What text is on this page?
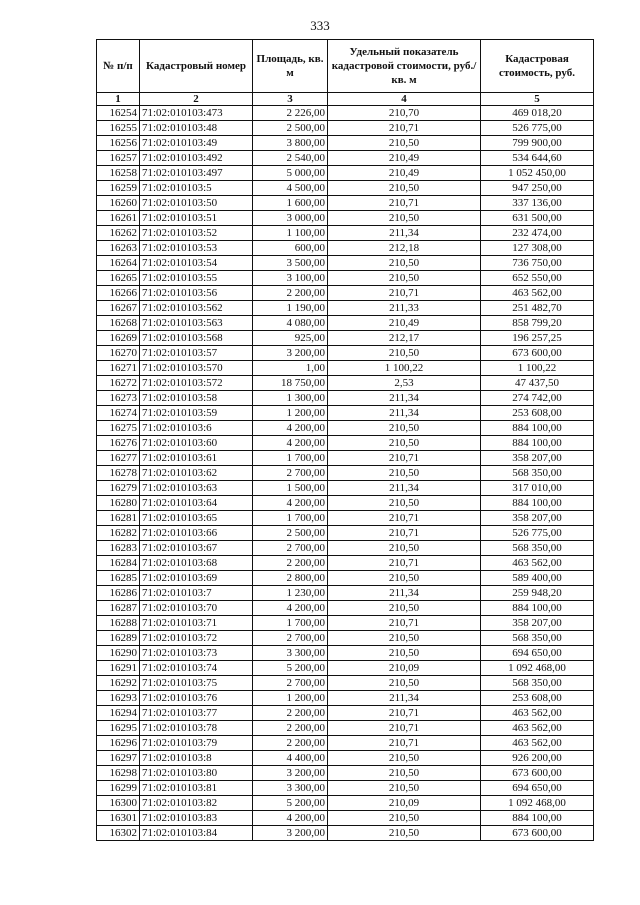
333
№ п/п	Кадастровый номер	Площадь, кв. м	Удельный показатель кадастровой стоимости, руб./кв. м	Кадастровая стоимость, руб.
1	2	3	4	5
16254	71:02:010103:473	2 226,00	210,70	469 018,20
16255	71:02:010103:48	2 500,00	210,71	526 775,00
16256	71:02:010103:49	3 800,00	210,50	799 900,00
16257	71:02:010103:492	2 540,00	210,49	534 644,60
16258	71:02:010103:497	5 000,00	210,49	1 052 450,00
16259	71:02:010103:5	4 500,00	210,50	947 250,00
16260	71:02:010103:50	1 600,00	210,71	337 136,00
16261	71:02:010103:51	3 000,00	210,50	631 500,00
16262	71:02:010103:52	1 100,00	211,34	232 474,00
16263	71:02:010103:53	600,00	212,18	127 308,00
16264	71:02:010103:54	3 500,00	210,50	736 750,00
16265	71:02:010103:55	3 100,00	210,50	652 550,00
16266	71:02:010103:56	2 200,00	210,71	463 562,00
16267	71:02:010103:562	1 190,00	211,33	251 482,70
16268	71:02:010103:563	4 080,00	210,49	858 799,20
16269	71:02:010103:568	925,00	212,17	196 257,25
16270	71:02:010103:57	3 200,00	210,50	673 600,00
16271	71:02:010103:570	1,00	1 100,22	1 100,22
16272	71:02:010103:572	18 750,00	2,53	47 437,50
16273	71:02:010103:58	1 300,00	211,34	274 742,00
16274	71:02:010103:59	1 200,00	211,34	253 608,00
16275	71:02:010103:6	4 200,00	210,50	884 100,00
16276	71:02:010103:60	4 200,00	210,50	884 100,00
16277	71:02:010103:61	1 700,00	210,71	358 207,00
16278	71:02:010103:62	2 700,00	210,50	568 350,00
16279	71:02:010103:63	1 500,00	211,34	317 010,00
16280	71:02:010103:64	4 200,00	210,50	884 100,00
16281	71:02:010103:65	1 700,00	210,71	358 207,00
16282	71:02:010103:66	2 500,00	210,71	526 775,00
16283	71:02:010103:67	2 700,00	210,50	568 350,00
16284	71:02:010103:68	2 200,00	210,71	463 562,00
16285	71:02:010103:69	2 800,00	210,50	589 400,00
16286	71:02:010103:7	1 230,00	211,34	259 948,20
16287	71:02:010103:70	4 200,00	210,50	884 100,00
16288	71:02:010103:71	1 700,00	210,71	358 207,00
16289	71:02:010103:72	2 700,00	210,50	568 350,00
16290	71:02:010103:73	3 300,00	210,50	694 650,00
16291	71:02:010103:74	5 200,00	210,09	1 092 468,00
16292	71:02:010103:75	2 700,00	210,50	568 350,00
16293	71:02:010103:76	1 200,00	211,34	253 608,00
16294	71:02:010103:77	2 200,00	210,71	463 562,00
16295	71:02:010103:78	2 200,00	210,71	463 562,00
16296	71:02:010103:79	2 200,00	210,71	463 562,00
16297	71:02:010103:8	4 400,00	210,50	926 200,00
16298	71:02:010103:80	3 200,00	210,50	673 600,00
16299	71:02:010103:81	3 300,00	210,50	694 650,00
16300	71:02:010103:82	5 200,00	210,09	1 092 468,00
16301	71:02:010103:83	4 200,00	210,50	884 100,00
16302	71:02:010103:84	3 200,00	210,50	673 600,00
